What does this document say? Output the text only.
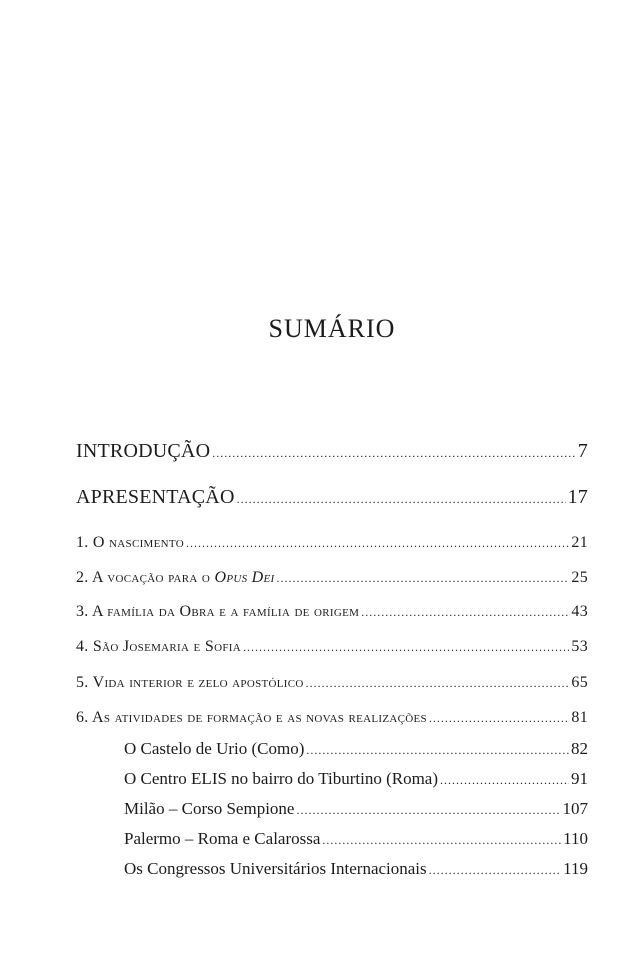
SUMÁRIO
INTRODUÇÃO .....	7
APRESENTAÇÃO .....	17
1. O nascimento .....	21
2. A vocação para o Opus Dei .....	25
3. A família da Obra e a família de origem .....	43
4. São Josemaria e Sofia .....	53
5. Vida interior e zelo apostólico .....	65
6. As atividades de formação e as novas realizações .....	81
O Castelo de Urio (Como) .....	82
O Centro ELIS no bairro do Tiburtino (Roma) .....	91
Milão – Corso Sempione .....	107
Palermo – Roma e Calarossa .....	110
Os Congressos Universitários Internacionais .....	119
